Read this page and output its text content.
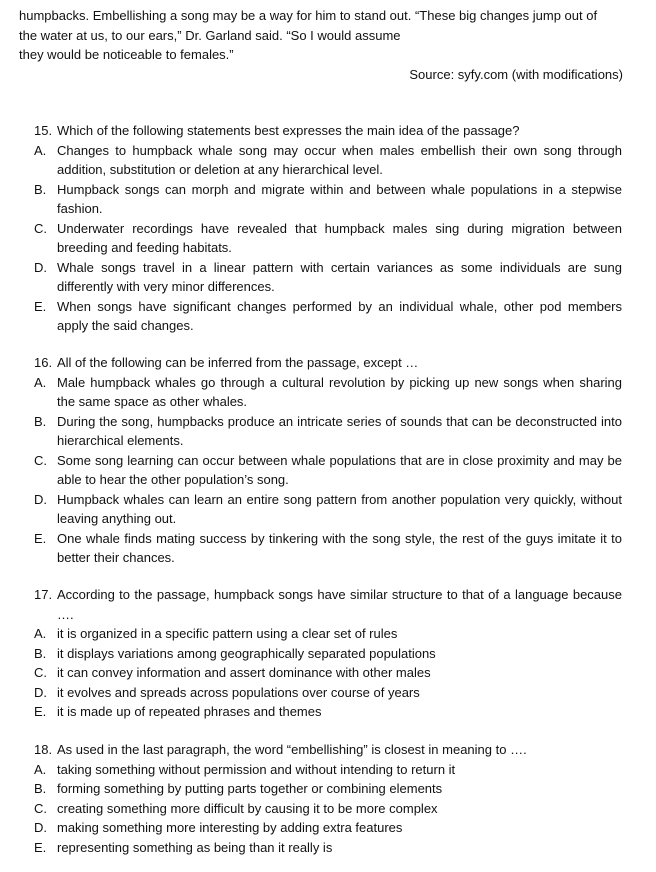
humpbacks. Embellishing a song may be a way for him to stand out. “These big changes jump out of

the water at us, to our ears,” Dr. Garland said. “So I would assume

they would be noticeable to females.”

Source: syfy.com (with modifications)

15. Which of the following statements best expresses the main idea of the passage?
A. Changes to humpback whale song may occur when males embellish their own song through addition, substitution or deletion at any hierarchical level.
B. Humpback songs can morph and migrate within and between whale populations in a stepwise fashion.
C. Underwater recordings have revealed that humpback males sing during migration between breeding and feeding habitats.
D. Whale songs travel in a linear pattern with certain variances as some individuals are sung differently with very minor differences.
E. When songs have significant changes performed by an individual whale, other pod members apply the said changes.
16. All of the following can be inferred from the passage, except …
A. Male humpback whales go through a cultural revolution by picking up new songs when sharing the same space as other whales.
B. During the song, humpbacks produce an intricate series of sounds that can be deconstructed into hierarchical elements.
C. Some song learning can occur between whale populations that are in close proximity and may be able to hear the other population’s song.
D. Humpback whales can learn an entire song pattern from another population very quickly, without leaving anything out.
E. One whale finds mating success by tinkering with the song style, the rest of the guys imitate it to better their chances.
17. According to the passage, humpback songs have similar structure to that of a language because ….
A. it is organized in a specific pattern using a clear set of rules
B. it displays variations among geographically separated populations
C. it can convey information and assert dominance with other males
D. it evolves and spreads across populations over course of years
E. it is made up of repeated phrases and themes
18. As used in the last paragraph, the word “embellishing” is closest in meaning to ….
A. taking something without permission and without intending to return it
B. forming something by putting parts together or combining elements
C. creating something more difficult by causing it to be more complex
D. making something more interesting by adding extra features
E. representing something as being than it really is
